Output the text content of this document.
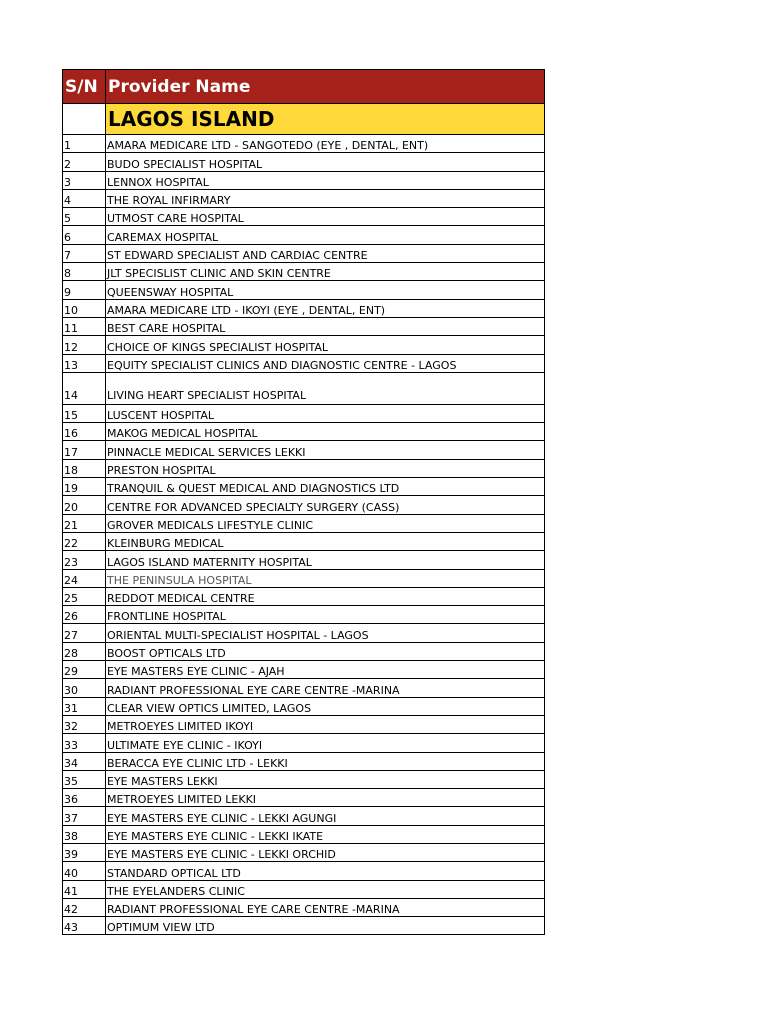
S/N	Provider Name
	LAGOS ISLAND
1	AMARA MEDICARE LTD - SANGOTEDO (EYE , DENTAL, ENT)
2	BUDO SPECIALIST HOSPITAL
3	LENNOX HOSPITAL
4	THE ROYAL INFIRMARY
5	UTMOST CARE HOSPITAL
6	CAREMAX HOSPITAL
7	ST EDWARD SPECIALIST AND CARDIAC CENTRE
8	JLT SPECISLIST CLINIC AND SKIN CENTRE
9	QUEENSWAY HOSPITAL
10	AMARA MEDICARE LTD - IKOYI (EYE , DENTAL, ENT)
11	BEST CARE HOSPITAL
12	CHOICE OF KINGS SPECIALIST HOSPITAL
13	EQUITY SPECIALIST CLINICS AND DIAGNOSTIC CENTRE - LAGOS
14	LIVING HEART SPECIALIST HOSPITAL
15	LUSCENT HOSPITAL
16	MAKOG MEDICAL HOSPITAL
17	PINNACLE MEDICAL SERVICES LEKKI
18	PRESTON HOSPITAL
19	TRANQUIL & QUEST MEDICAL AND DIAGNOSTICS LTD
20	CENTRE FOR ADVANCED SPECIALTY SURGERY (CASS)
21	GROVER MEDICALS LIFESTYLE CLINIC
22	KLEINBURG MEDICAL
23	LAGOS ISLAND MATERNITY HOSPITAL
24	THE PENINSULA HOSPITAL
25	REDDOT MEDICAL CENTRE
26	FRONTLINE HOSPITAL
27	ORIENTAL MULTI-SPECIALIST HOSPITAL - LAGOS
28	BOOST OPTICALS LTD
29	EYE MASTERS EYE CLINIC - AJAH
30	RADIANT PROFESSIONAL EYE CARE CENTRE -MARINA
31	CLEAR VIEW OPTICS LIMITED, LAGOS
32	METROEYES LIMITED IKOYI
33	ULTIMATE EYE CLINIC - IKOYI
34	BERACCA EYE CLINIC LTD - LEKKI
35	EYE MASTERS LEKKI
36	METROEYES LIMITED LEKKI
37	EYE MASTERS EYE CLINIC - LEKKI AGUNGI
38	EYE MASTERS EYE CLINIC - LEKKI IKATE
39	EYE MASTERS EYE CLINIC - LEKKI ORCHID
40	STANDARD OPTICAL LTD
41	THE EYELANDERS CLINIC
42	RADIANT PROFESSIONAL EYE CARE CENTRE -MARINA
43	OPTIMUM VIEW LTD
